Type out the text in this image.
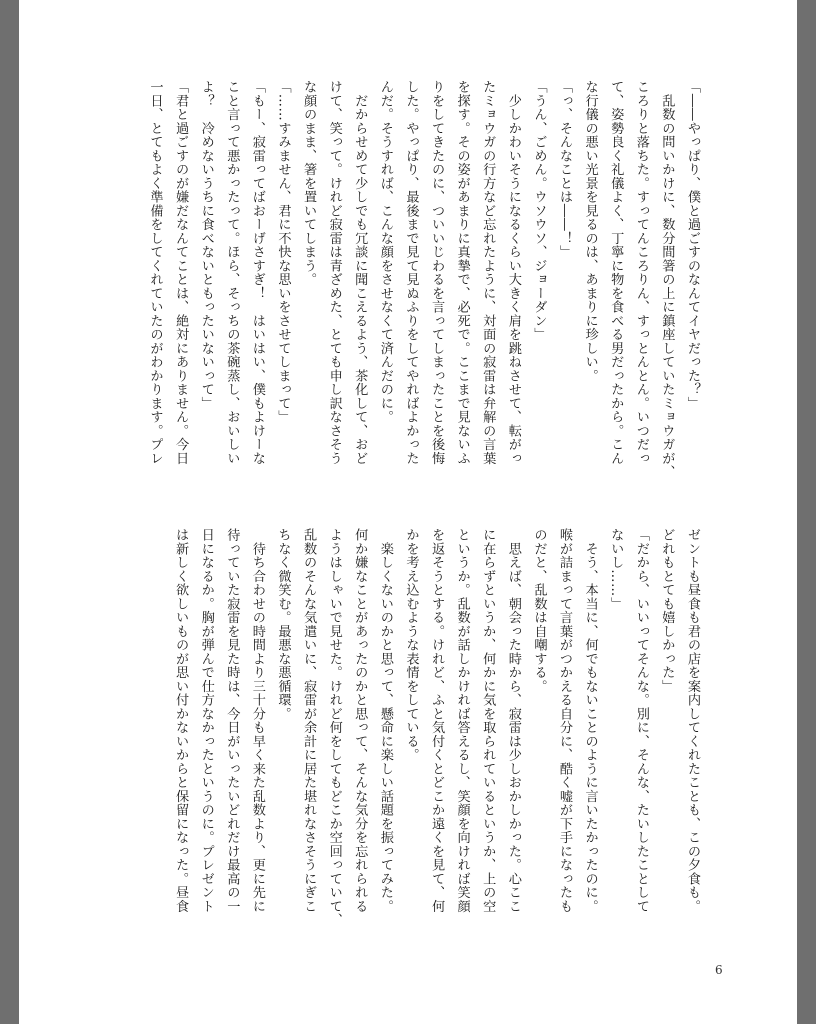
「――やっぱり、僕と過ごすのなんてイヤだった？」
　乱数の問いかけに、数分間箸の上に鎮座していたミョウガが、
ころりと落ちた。すってんころりん、すっとんとん。いつだっ
て、姿勢良く礼儀よく、丁寧に物を食べる男だったから。こん
な行儀の悪い光景を見るのは、あまりに珍しい。
「っ、そんなことは――！」
「うん、ごめん。ウソウソ、ジョーダン」
　少しかわいそうになるくらい大きく肩を跳ねさせて、転がっ
たミョウガの行方など忘れたように、対面の寂雷は弁解の言葉
を探す。その姿があまりに真摯で、必死で。ここまで見ないふ
りをしてきたのに、ついいじわるを言ってしまったことを後悔
した。やっぱり、最後まで見て見ぬふりをしてやればよかった
んだ。そうすれば、こんな顔をさせなくて済んだのに。
　だからせめて少しでも冗談に聞こえるよう、茶化して、おど
けて、笑って。けれど寂雷は青ざめた、とても申し訳なさそう
な顔のまま、箸を置いてしまう。
「……すみません、君に不快な思いをさせてしまって」
「もー、寂雷ってばおーげさすぎ！　はいはい、僕もよけーな
こと言って悪かったって。ほら、そっちの茶碗蒸し、おいしい
よ？　冷めないうちに食べないともったいないって」
「君と過ごすのが嫌だなんてことは、絶対にありません。今日
一日、とてもよく準備をしてくれていたのがわかります。プレ
ゼントも昼食も君の店を案内してくれたことも、この夕食も。
どれもとても嬉しかった」
「だから、いいってそんな。別に、そんな、たいしたことして
ないし……」
　そう、本当に、何でもないことのように言いたかったのに。
喉が詰まって言葉がつかえる自分に、酷く嘘が下手になったも
のだと、乱数は自嘲する。
　思えば、朝会った時から、寂雷は少しおかしかった。心ここ
に在らずというか、何かに気を取られているというか、上の空
というか。乱数が話しかければ答えるし、笑顔を向ければ笑顔
を返そうとする。けれど、ふと気付くとどこか遠くを見て、何
かを考え込むような表情をしている。
　楽しくないのかと思って、懸命に楽しい話題を振ってみた。
何か嫌なことがあったのかと思って、そんな気分を忘れられる
ようはしゃいで見せた。けれど何をしてもどこか空回っていて、
乱数のそんな気遣いに、寂雷が余計に居た堪れなさそうにぎこ
ちなく微笑む。最悪な悪循環。
　待ち合わせの時間より三十分も早く来た乱数より、更に先に
待っていた寂雷を見た時は、今日がいったいどれだけ最高の一
日になるか。胸が弾んで仕方なかったというのに。プレゼント
は新しく欲しいものが思い付かないからと保留になった。昼食
6
